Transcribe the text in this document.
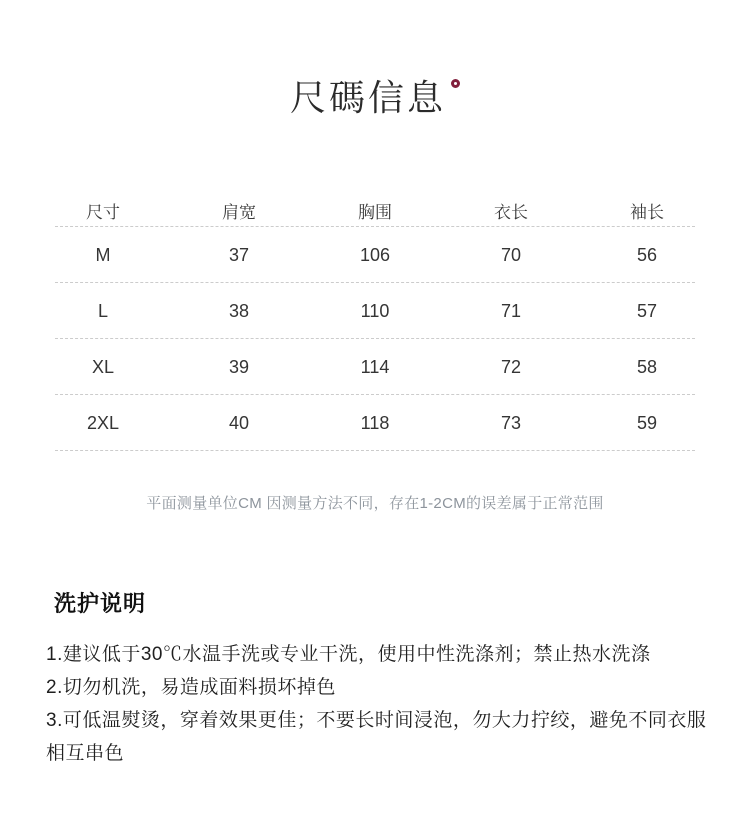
尺碼信息
尺寸	肩宽	胸围	衣长	袖长
M	37	106	70	56
L	38	110	71	57
XL	39	114	72	58
2XL	40	118	73	59
平面测量单位CM 因测量方法不同，存在1-2CM的误差属于正常范围
洗护说明

1.建议低于30℃水温手洗或专业干洗，使用中性洗涤剂；禁止热水洗涤

2.切勿机洗，易造成面料损坏掉色

3.可低温熨烫，穿着效果更佳；不要长时间浸泡，勿大力拧绞，避免不同衣服相互串色
